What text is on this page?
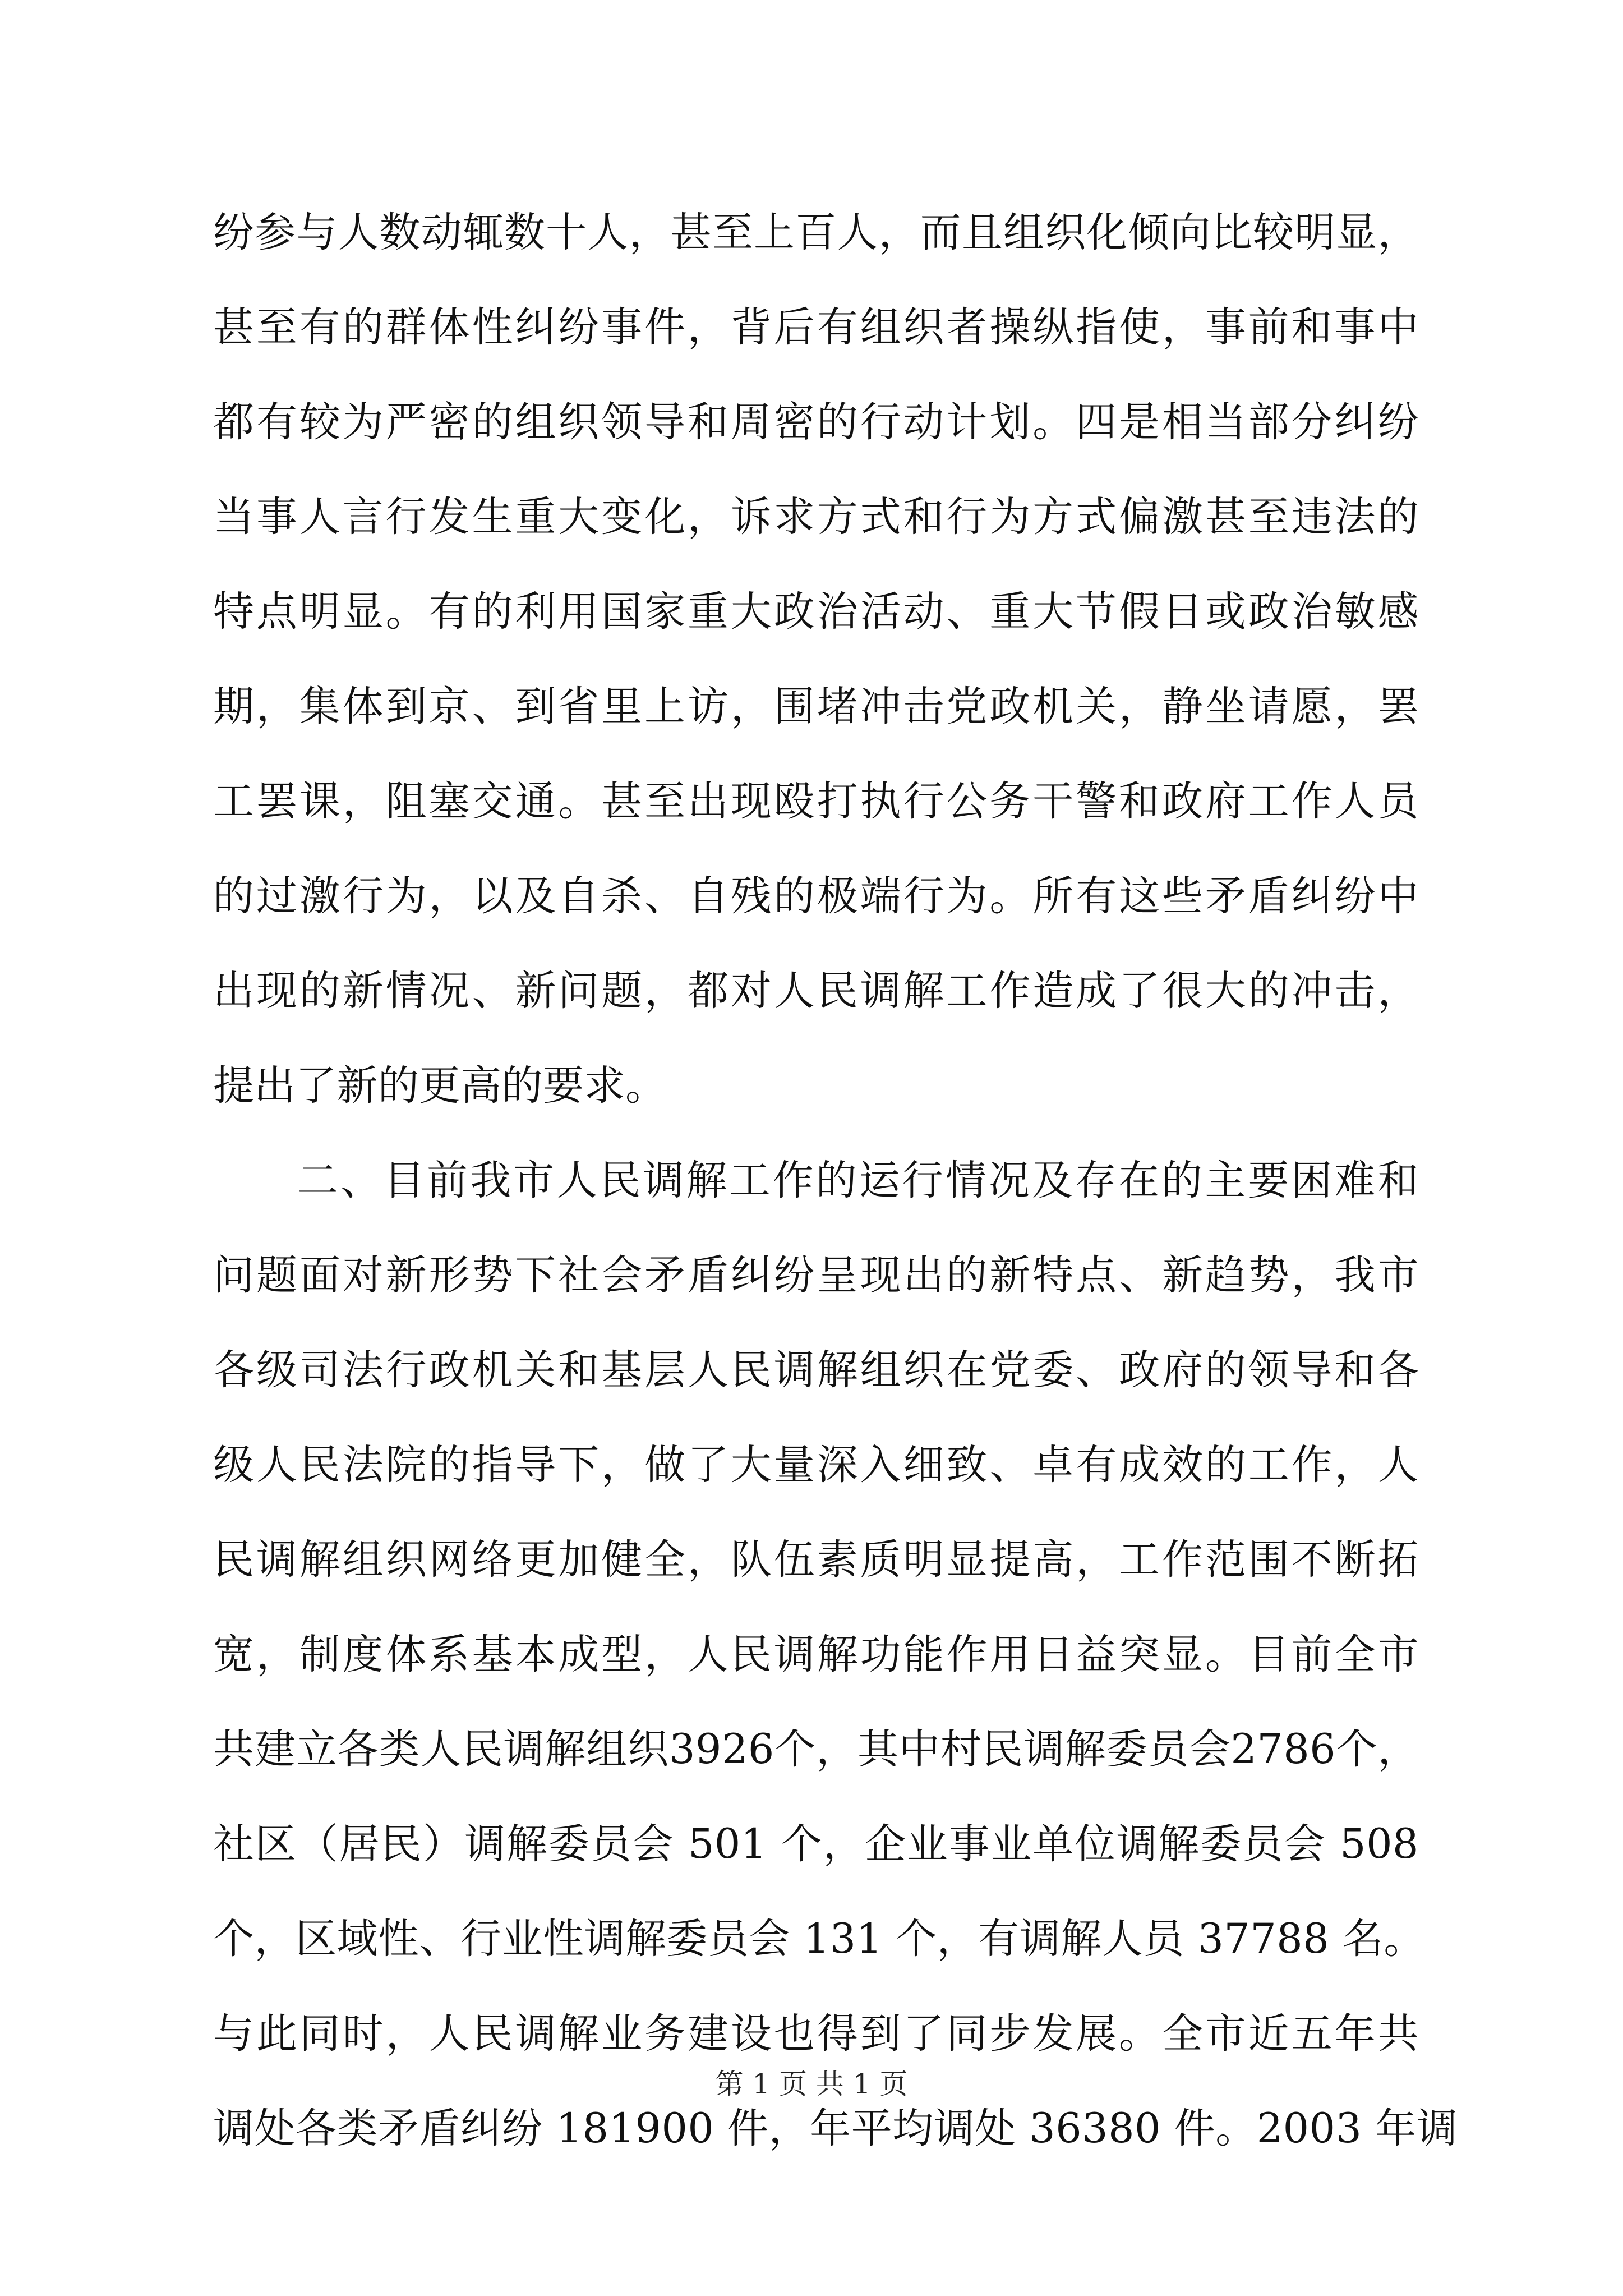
纷参与人数动辄数十人，甚至上百人，而且组织化倾向比较明显，
甚至有的群体性纠纷事件，背后有组织者操纵指使，事前和事中
都有较为严密的组织领导和周密的行动计划。四是相当部分纠纷
当事人言行发生重大变化，诉求方式和行为方式偏激甚至违法的
特点明显。有的利用国家重大政治活动、重大节假日或政治敏感
期，集体到京、到省里上访，围堵冲击党政机关，静坐请愿，罢
工罢课，阻塞交通。甚至出现殴打执行公务干警和政府工作人员
的过激行为，以及自杀、自残的极端行为。所有这些矛盾纠纷中
出现的新情况、新问题，都对人民调解工作造成了很大的冲击，
提出了新的更高的要求。
二、目前我市人民调解工作的运行情况及存在的主要困难和
问题面对新形势下社会矛盾纠纷呈现出的新特点、新趋势，我市
各级司法行政机关和基层人民调解组织在党委、政府的领导和各
级人民法院的指导下，做了大量深入细致、卓有成效的工作，人
民调解组织网络更加健全，队伍素质明显提高，工作范围不断拓
宽，制度体系基本成型，人民调解功能作用日益突显。目前全市
共建立各类人民调解组织3926个，其中村民调解委员会2786个，
社区（居民）调解委员会 501 个，企业事业单位调解委员会 508
个，区域性、行业性调解委员会 131 个，有调解人员 37788 名。
与此同时，人民调解业务建设也得到了同步发展。全市近五年共
调处各类矛盾纠纷 181900 件，年平均调处 36380 件。2003 年调
第 1 页 共 1 页
